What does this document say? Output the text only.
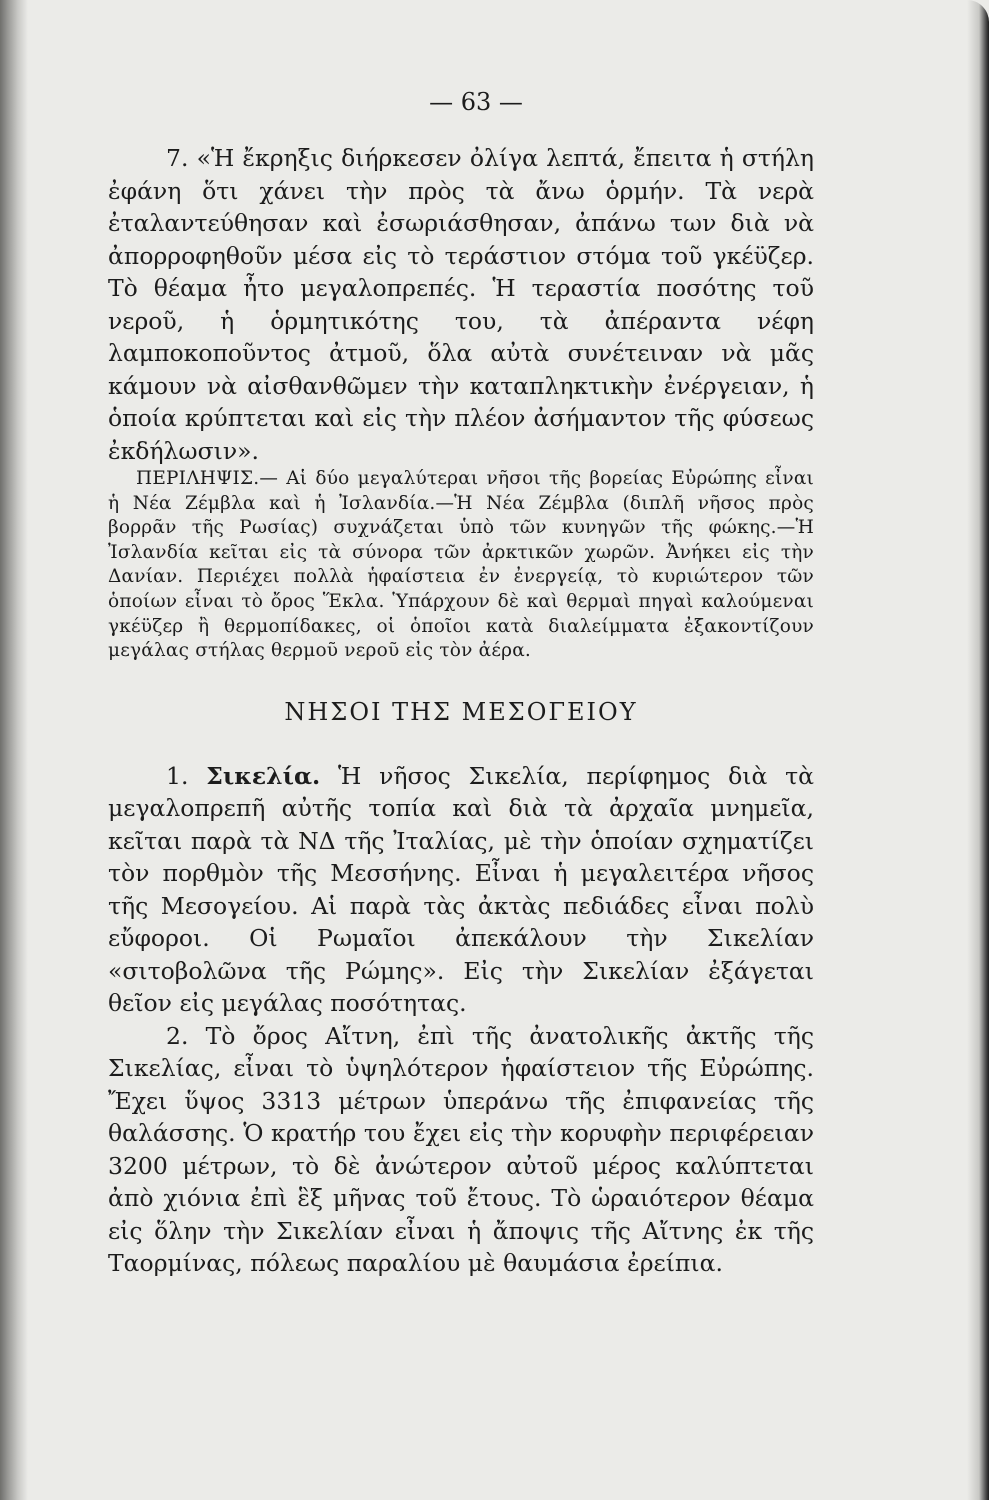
— 63 —

7. «Ἡ ἔκρηξις διήρκεσεν ὀλίγα λεπτά, ἔπειτα ἡ στήλη ἐφάνη ὅτι χάνει τὴν πρὸς τὰ ἄνω ὁρμήν. Τὰ νερὰ ἐταλαντεύθησαν καὶ ἐσωριάσθησαν, ἀπάνω των διὰ νὰ ἀπορροφηθοῦν μέσα εἰς τὸ τεράστιον στόμα τοῦ γκέϋζερ. Τὸ θέαμα ἦτο μεγαλοπρεπές. Ἡ τεραστία ποσότης τοῦ νεροῦ, ἡ ὁρμητικότης του, τὰ ἀπέραντα νέφη λαμποκοποῦντος ἀτμοῦ, ὅλα αὐτὰ συνέτειναν νὰ μᾶς κάμουν νὰ αἰσθανθῶμεν τὴν καταπληκτικὴν ἐνέργειαν, ἡ ὁποία κρύπτεται καὶ εἰς τὴν πλέον ἀσήμαντον τῆς φύσεως ἐκδήλωσιν».

ΠΕΡΙΛΗΨΙΣ.— Αἱ δύο μεγαλύτεραι νῆσοι τῆς βορείας Εὐρώπης εἶναι ἡ Νέα Ζέμβλα καὶ ἡ Ἰσλανδία.—Ἡ Νέα Ζέμβλα (διπλῆ νῆσος πρὸς βορρᾶν τῆς Ρωσίας) συχνάζεται ὑπὸ τῶν κυνηγῶν τῆς φώκης.—Ἡ Ἰσλανδία κεῖται εἰς τὰ σύνορα τῶν ἀρκτικῶν χωρῶν. Ἀνήκει εἰς τὴν Δανίαν. Περιέχει πολλὰ ἡφαίστεια ἐν ἐνεργείᾳ, τὸ κυριώτερον τῶν ὁποίων εἶναι τὸ ὄρος Ἕκλα. Ὑπάρχουν δὲ καὶ θερμαὶ πηγαὶ καλούμεναι γκέϋζερ ἢ θερμοπίδακες, οἱ ὁποῖοι κατὰ διαλείμματα ἐξακοντίζουν μεγάλας στήλας θερμοῦ νεροῦ εἰς τὸν ἀέρα.

ΝΗΣΟΙ ΤΗΣ ΜΕΣΟΓΕΙΟΥ

1. Σικελία. Ἡ νῆσος Σικελία, περίφημος διὰ τὰ μεγαλοπρεπῆ αὐτῆς τοπία καὶ διὰ τὰ ἀρχαῖα μνημεῖα, κεῖται παρὰ τὰ ΝΔ τῆς Ἰταλίας, μὲ τὴν ὁποίαν σχηματίζει τὸν πορθμὸν τῆς Μεσσήνης. Εἶναι ἡ μεγαλειτέρα νῆσος τῆς Μεσογείου. Αἱ παρὰ τὰς ἀκτὰς πεδιάδες εἶναι πολὺ εὔφοροι. Οἱ Ρωμαῖοι ἀπεκάλουν τὴν Σικελίαν «σιτοβολῶνα τῆς Ρώμης». Εἰς τὴν Σικελίαν ἐξάγεται θεῖον εἰς μεγάλας ποσότητας.

2. Τὸ ὄρος Αἴτνη, ἐπὶ τῆς ἀνατολικῆς ἀκτῆς τῆς Σικελίας, εἶναι τὸ ὑψηλότερον ἡφαίστειον τῆς Εὐρώπης. Ἔχει ὕψος 3313 μέτρων ὑπεράνω τῆς ἐπιφανείας τῆς θαλάσσης. Ὁ κρατήρ του ἔχει εἰς τὴν κορυφὴν περιφέρειαν 3200 μέτρων, τὸ δὲ ἀνώτερον αὐτοῦ μέρος καλύπτεται ἀπὸ χιόνια ἐπὶ ἓξ μῆνας τοῦ ἔτους. Τὸ ὡραιότερον θέαμα εἰς ὅλην τὴν Σικελίαν εἶναι ἡ ἄποψις τῆς Αἴτνης ἐκ τῆς Ταορμίνας, πόλεως παραλίου μὲ θαυμάσια ἐρείπια.
